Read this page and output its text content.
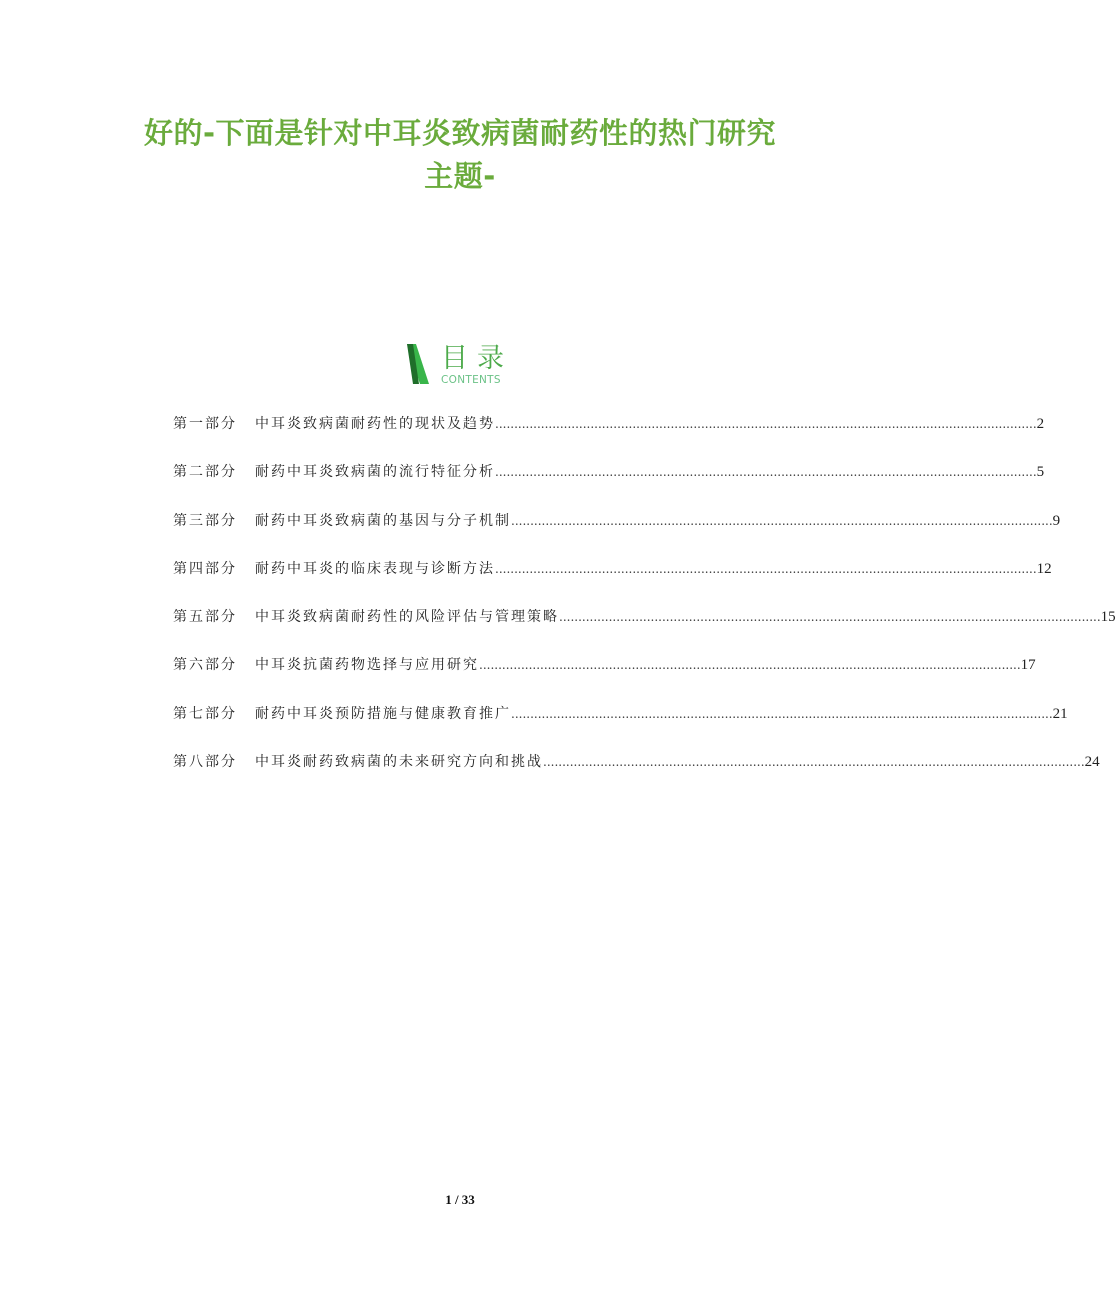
好的-下面是针对中耳炎致病菌耐药性的热门研究主题-
目录
CONTENTS
第一部分	中耳炎致病菌耐药性的现状及趋势 .............................................................................................................................................. 2
第二部分	耐药中耳炎致病菌的流行特征分析 .............................................................................................................................................. 5
第三部分	耐药中耳炎致病菌的基因与分子机制 .............................................................................................................................................. 9
第四部分	耐药中耳炎的临床表现与诊断方法 .............................................................................................................................................. 12
第五部分	中耳炎致病菌耐药性的风险评估与管理策略 .............................................................................................................................................. 15
第六部分	中耳炎抗菌药物选择与应用研究 .............................................................................................................................................. 17
第七部分	耐药中耳炎预防措施与健康教育推广 .............................................................................................................................................. 21
第八部分	中耳炎耐药致病菌的未来研究方向和挑战 .............................................................................................................................................. 24
1 / 33
